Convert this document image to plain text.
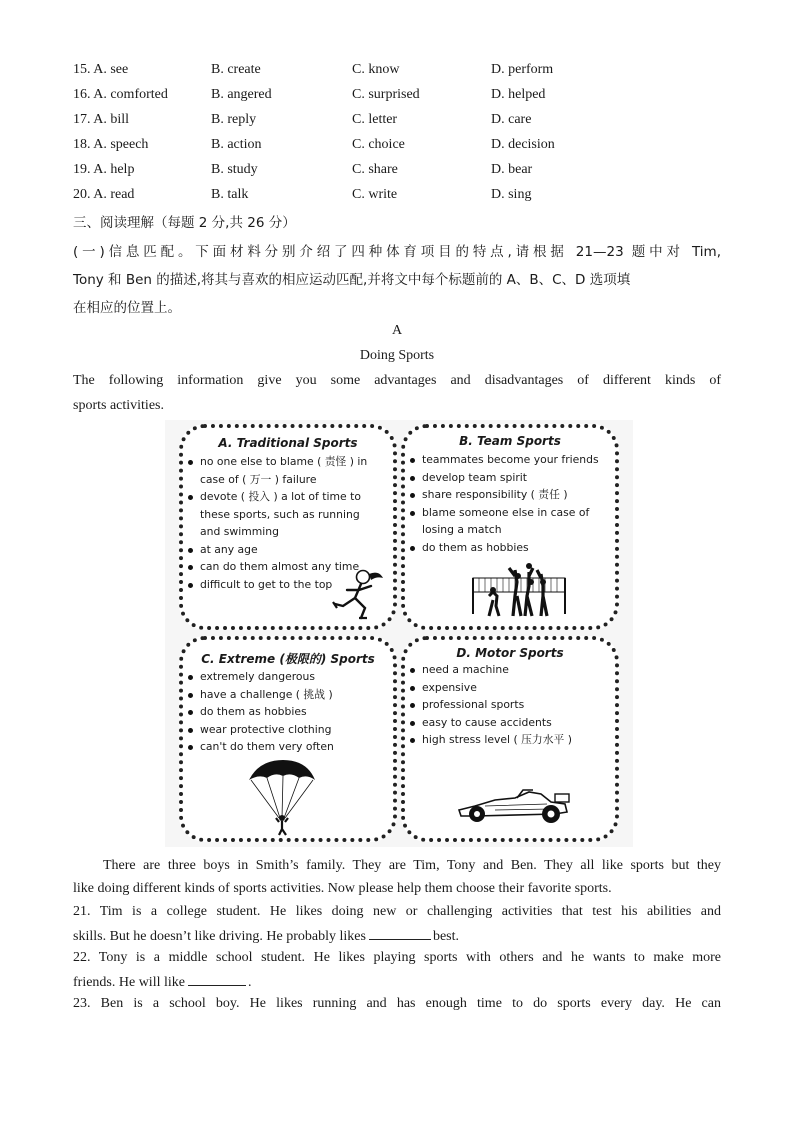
15. A. see	B. create	C. know	D. perform
16. A. comforted	B. angered	C. surprised	D. helped
17. A. bill	B. reply	C. letter	D. care
18. A. speech	B. action	C. choice	D. decision
19. A. help	B. study	C. share	D. bear
20. A. read	B. talk	C. write	D. sing
三、阅读理解（每题 2 分,共 26 分）
(一)信息匹配。下面材料分别介绍了四种体育项目的特点,请根据 21—23 题中对 Tim,
Tony 和 Ben 的描述,将其与喜欢的相应运动匹配,并将文中每个标题前的 A、B、C、D 选项填
在相应的位置上。
A
Doing Sports
The following information give you some advantages and disadvantages of different kinds of
sports activities.
A. Traditional Sports
no one else to blame ( 责怪 ) in case of ( 万一 ) failure
devote ( 投入 ) a lot of time to these sports, such as running and swimming
at any age
can do them almost any time
difficult to get to the top
B. Team Sports
teammates become your friends
develop team spirit
share responsibility ( 责任 )
blame someone else in case of losing a match
do them as hobbies
C. Extreme (极限的) Sports
extremely dangerous
have a challenge ( 挑战 )
do them as hobbies
wear protective clothing
can't do them very often
D. Motor Sports
need a machine
expensive
professional sports
easy to cause accidents
high stress level ( 压力水平 )
There are three boys in Smith’s family. They are Tim, Tony and Ben. They all like sports but they
like doing different kinds of sports activities. Now please help them choose their favorite sports.
21. Tim is a college student. He likes doing new or challenging activities that test his abilities and
skills. But he doesn’t like driving. He probably likes	best.
22. Tony is a middle school student. He likes playing sports with others and he wants to make more
friends. He will like	.
23. Ben is a school boy. He likes running and has enough time to do sports every day. He can
